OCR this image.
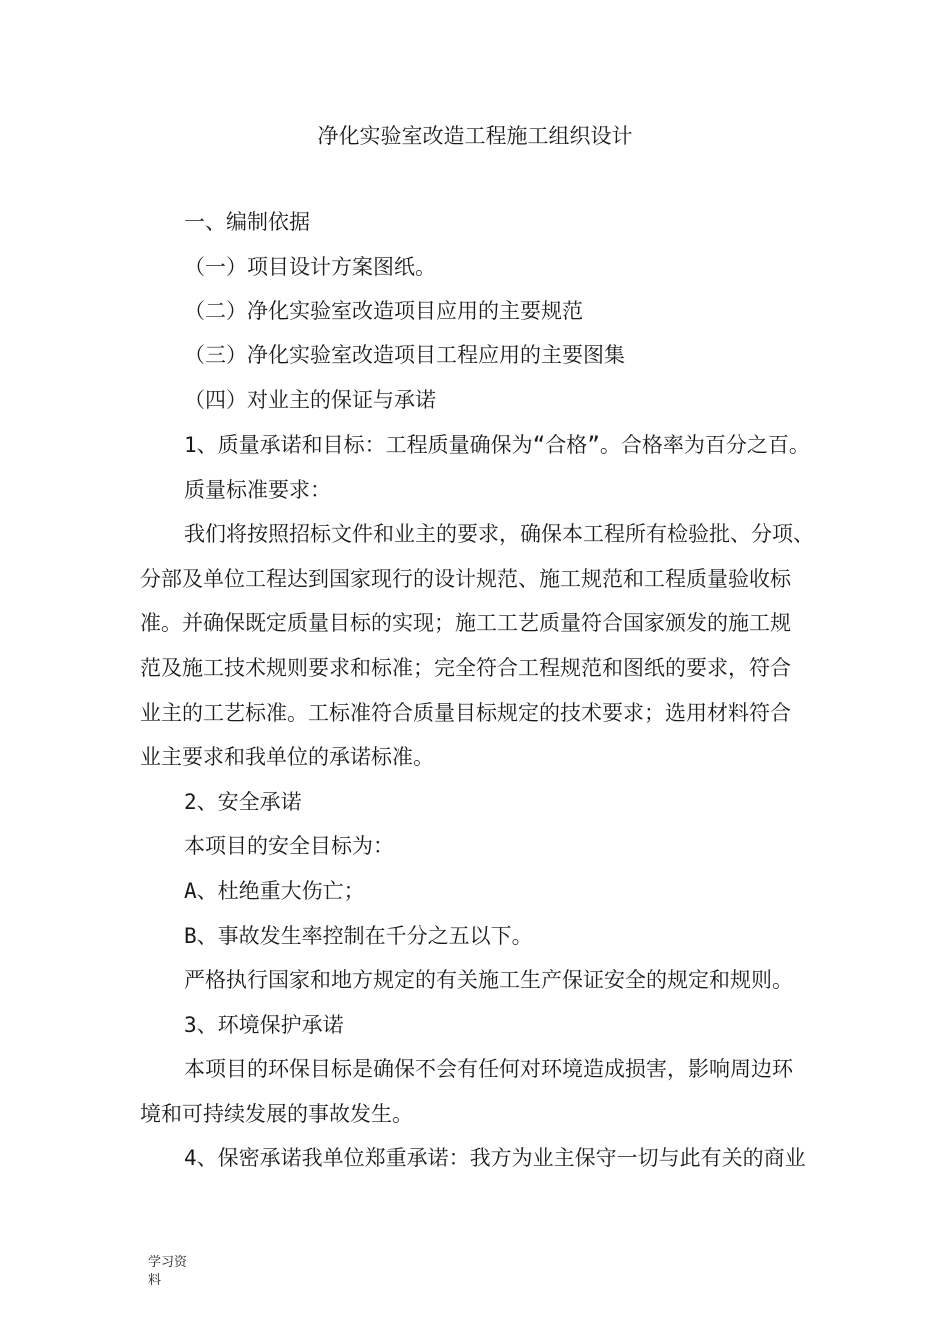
净化实验室改造工程施工组织设计
一、编制依据
（一）项目设计方案图纸。
（二）净化实验室改造项目应用的主要规范
（三）净化实验室改造项目工程应用的主要图集
（四）对业主的保证与承诺
1、质量承诺和目标：工程质量确保为“合格”。合格率为百分之百。
质量标准要求：
我们将按照招标文件和业主的要求，确保本工程所有检验批、分项、
分部及单位工程达到国家现行的设计规范、施工规范和工程质量验收标
准。并确保既定质量目标的实现；施工工艺质量符合国家颁发的施工规
范及施工技术规则要求和标准；完全符合工程规范和图纸的要求，符合
业主的工艺标准。工标准符合质量目标规定的技术要求；选用材料符合
业主要求和我单位的承诺标准。
2、安全承诺
本项目的安全目标为：
A、杜绝重大伤亡；
B、事故发生率控制在千分之五以下。
严格执行国家和地方规定的有关施工生产保证安全的规定和规则。
3、环境保护承诺
本项目的环保目标是确保不会有任何对环境造成损害，影响周边环
境和可持续发展的事故发生。
4、保密承诺我单位郑重承诺：我方为业主保守一切与此有关的商业
学习资
料
